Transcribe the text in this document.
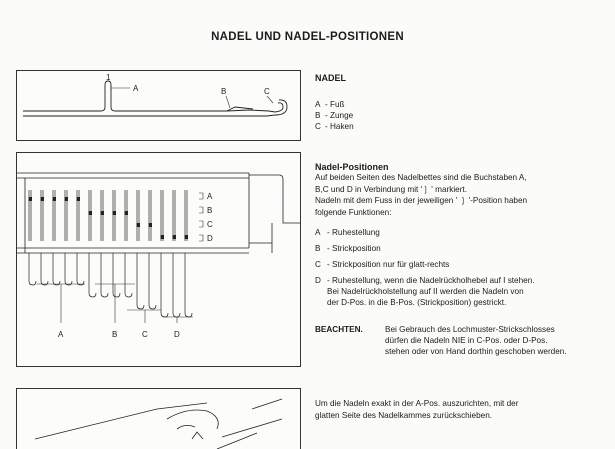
NADEL UND NADEL-POSITIONEN
1
A	B	C
NADEL
A - Fuß
B - Zunge
C - Haken
A
B
C
D
A	B	C	D
Nadel-Positionen
Auf beiden Seiten des Nadelbettes sind die Buchstaben A,
B,C und D in Verbindung mit '❳ ' markiert.
Nadeln mit dem Fuss in der jeweiligen ' ❳ '-Position haben
folgende Funktionen:
A - Ruhestellung
B - Strickposition
C - Strickposition nur für glatt-rechts
D - Ruhestellung, wenn die Nadelrückholhebel auf I stehen.
Bei Nadelrückholstellung auf II werden die Nadeln von
der D-Pos. in die B-Pos. (Strickposition) gestrickt.
BEACHTEN.	Bei Gebrauch des Lochmuster-Strickschlosses
dürfen die Nadeln NIE in C-Pos. oder D-Pos.
stehen oder von Hand dorthin geschoben werden.
Um die Nadeln exakt in der A-Pos. auszurichten, mit der
glatten Seite des Nadelkammes zurückschieben.
